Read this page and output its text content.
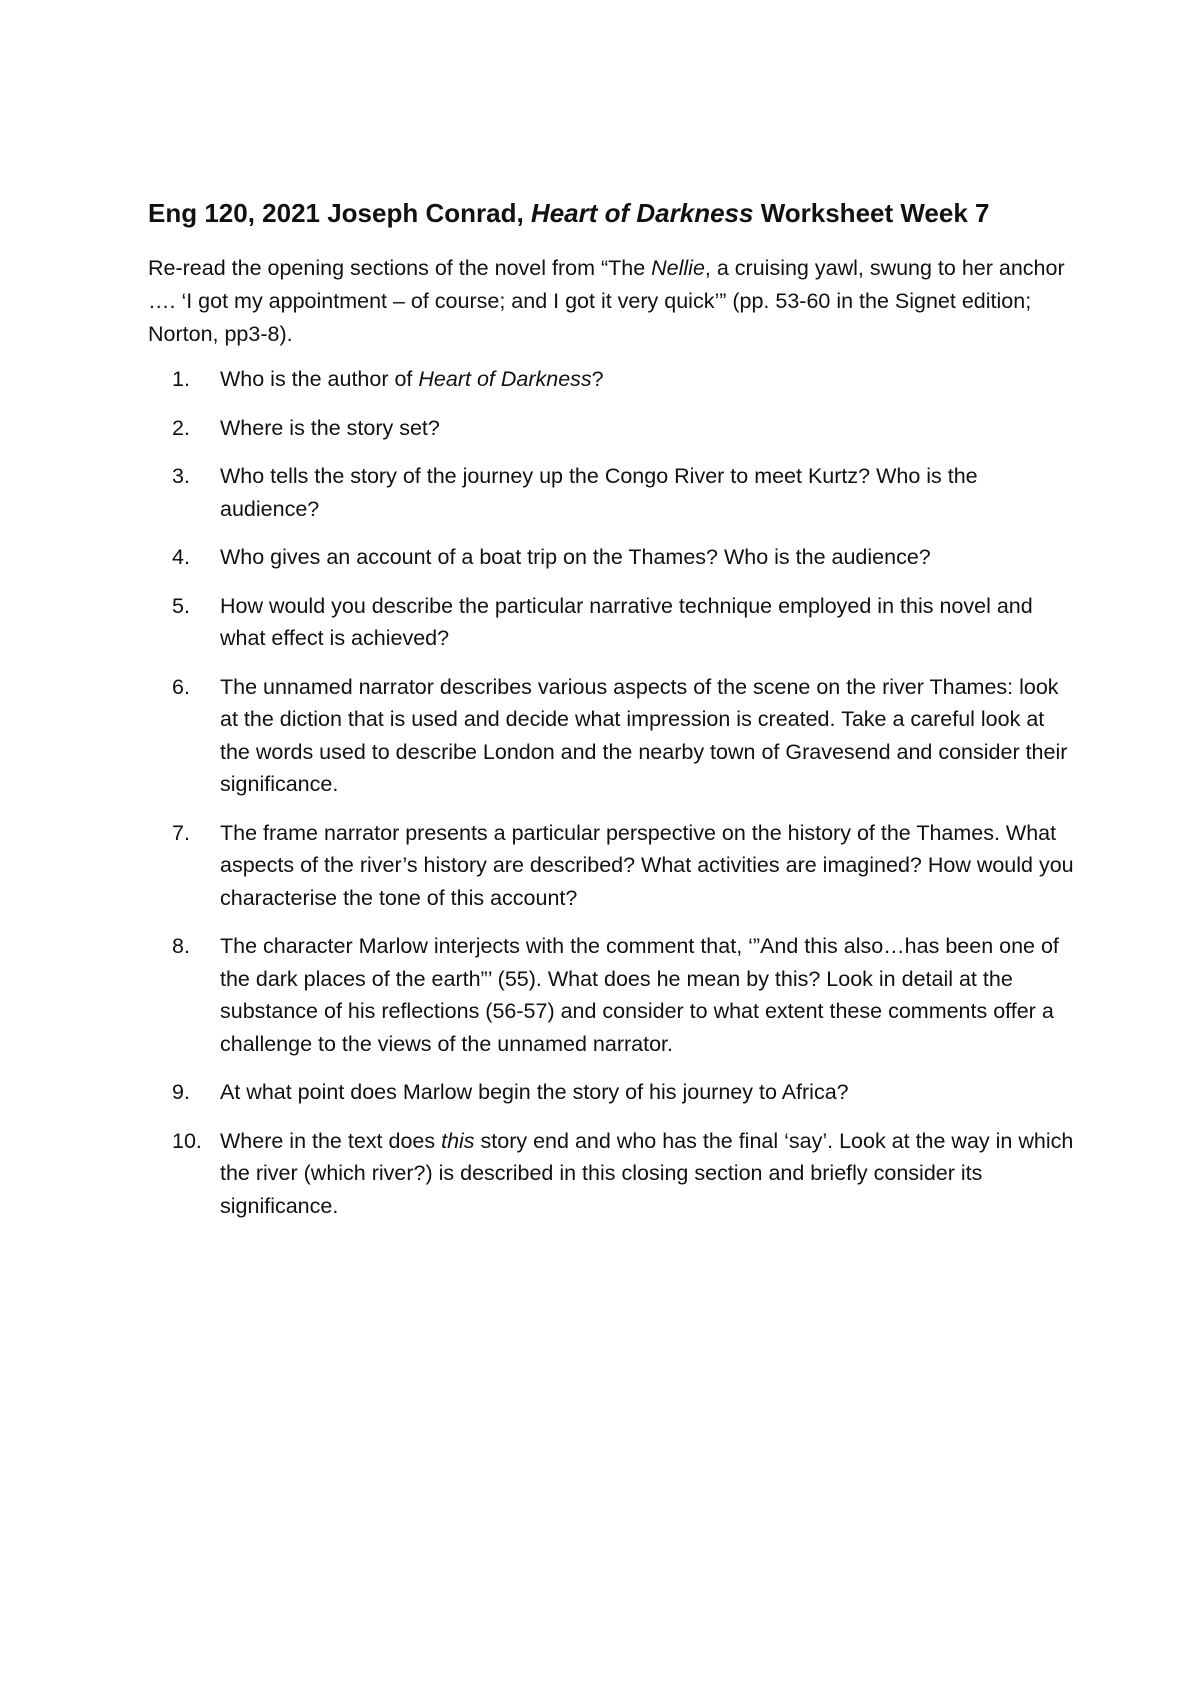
Eng 120, 2021 Joseph Conrad, Heart of Darkness Worksheet Week 7
Re-read the opening sections of the novel from “The Nellie, a cruising yawl, swung to her anchor …. ‘I got my appointment – of course; and I got it very quick’” (pp. 53-60 in the Signet edition; Norton, pp3-8).
1.	Who is the author of Heart of Darkness?
2.	Where is the story set?
3.	Who tells the story of the journey up the Congo River to meet Kurtz? Who is the audience?
4.	Who gives an account of a boat trip on the Thames? Who is the audience?
5.	How would you describe the particular narrative technique employed in this novel and what effect is achieved?
6.	The unnamed narrator describes various aspects of the scene on the river Thames: look at the diction that is used and decide what impression is created. Take a careful look at the words used to describe London and the nearby town of Gravesend and consider their significance.
7.	The frame narrator presents a particular perspective on the history of the Thames. What aspects of the river’s history are described? What activities are imagined? How would you characterise the tone of this account?
8.	The character Marlow interjects with the comment that, ‘”And this also…has been one of the dark places of the earth”’ (55). What does he mean by this? Look in detail at the substance of his reflections (56-57) and consider to what extent these comments offer a challenge to the views of the unnamed narrator.
9.	At what point does Marlow begin the story of his journey to Africa?
10. Where in the text does this story end and who has the final ‘say’. Look at the way in which the river (which river?) is described in this closing section and briefly consider its significance.
